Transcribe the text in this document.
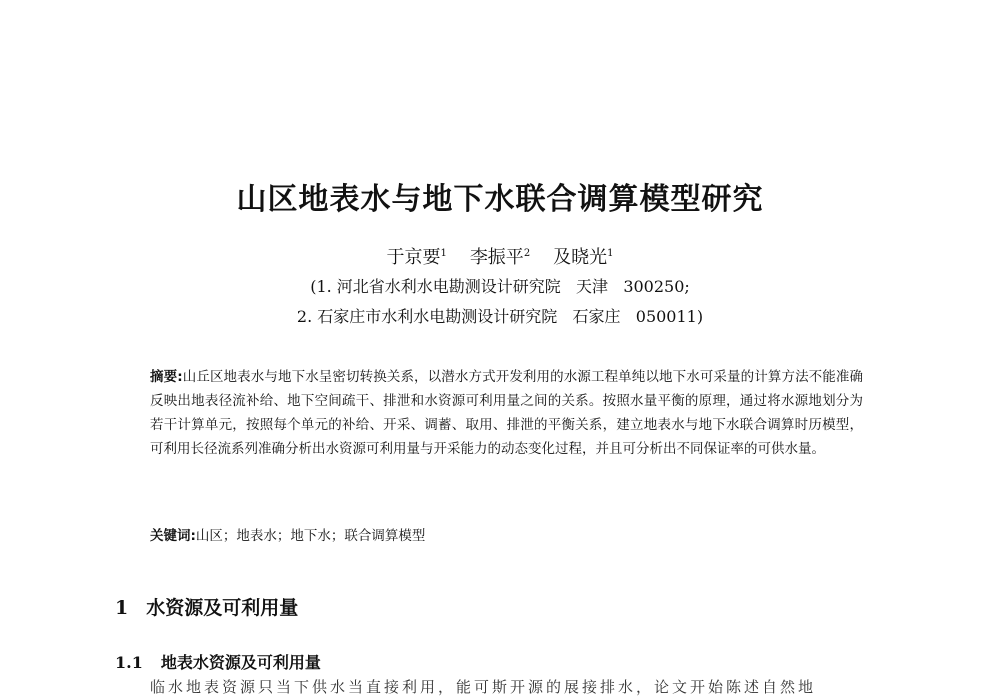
山区地表水与地下水联合调算模型研究
于京要$^1$ 李振平$^2$ 及晓光$^1$
(1. 河北省水利水电勘测设计研究院   天津   300250;
2. 石家庄市水利水电勘测设计研究院   石家庄   050011)
摘要:山丘区地表水与地下水呈密切转换关系，以潜水方式开发利用的水源工程单纯以地下水可采量的计算方法不能准确反映出地表径流补给、地下空间疏干、排泄和水资源可利用量之间的关系。按照水量平衡的原理，通过将水源地划分为若干计算单元，按照每个单元的补给、开采、调蓄、取用、排泄的平衡关系，建立地表水与地下水联合调算时历模型，可利用长径流系列准确分析出水资源可利用量与开采能力的动态变化过程，并且可分析出不同保证率的可供水量。
关键词:山区；地表水；地下水；联合调算模型
1 水资源及可利用量
1.1 地表水资源及可利用量
临水地表资源只当下供水当直接利用，能可斯开源的展接排水，论文开始陈述自然地
